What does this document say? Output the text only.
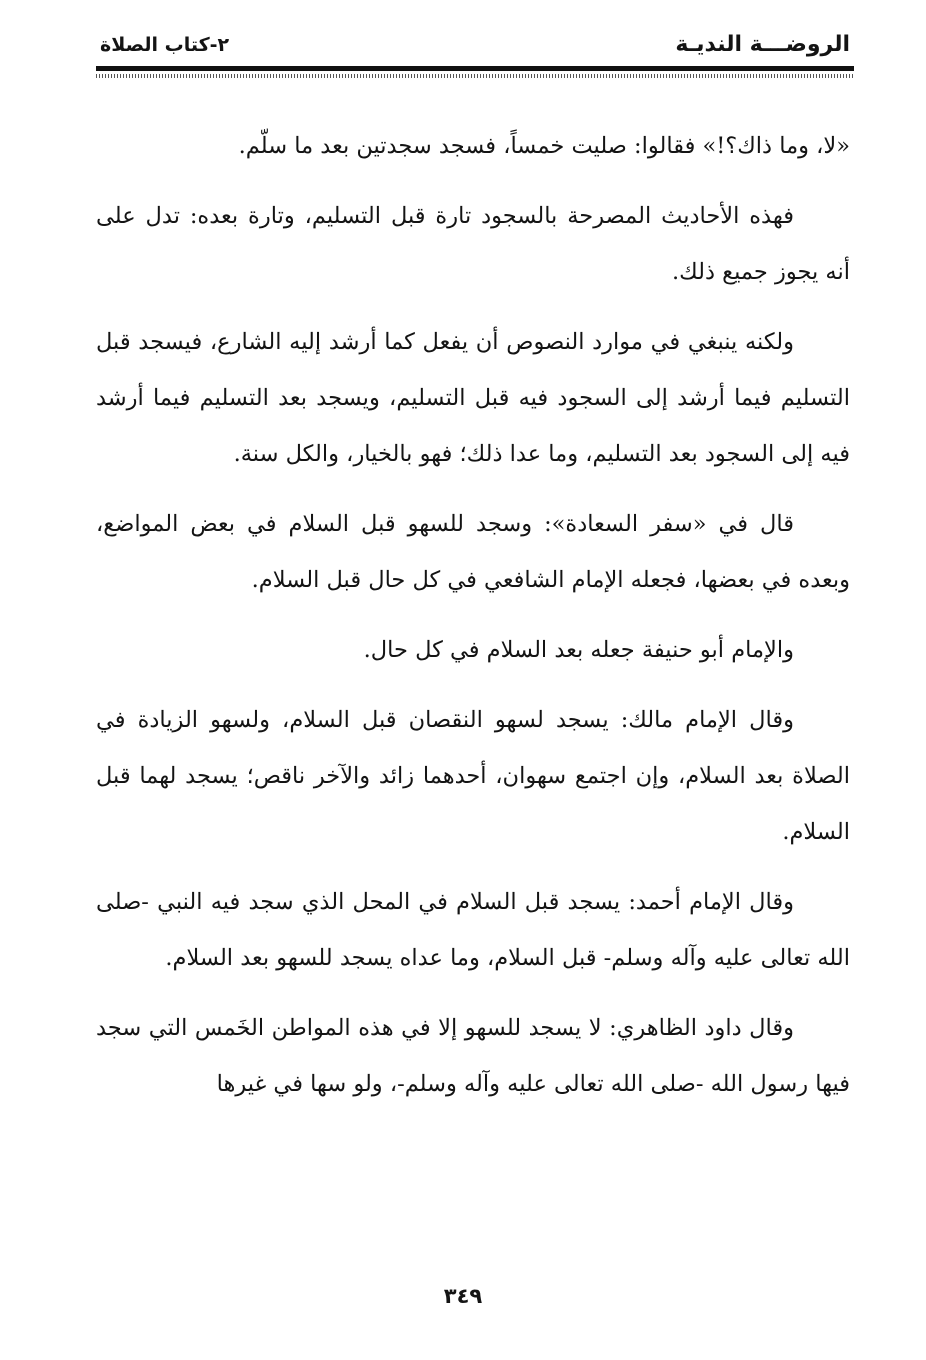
الروضـــة النديـة
٢-كتاب الصلاة

«لا، وما ذاك؟!» فقالوا: صليت خمساً، فسجد سجدتين بعد ما سلّم.

فهذه الأحاديث المصرحة بالسجود تارة قبل التسليم، وتارة بعده: تدل على أنه يجوز جميع ذلك.

ولكنه ينبغي في موارد النصوص أن يفعل كما أرشد إليه الشارع، فيسجد قبل التسليم فيما أرشد إلى السجود فيه قبل التسليم، ويسجد بعد التسليم فيما أرشد فيه إلى السجود بعد التسليم، وما عدا ذلك؛ فهو بالخيار، والكل سنة.

قال في «سفر السعادة»: وسجد للسهو قبل السلام في بعض المواضع، وبعده في بعضها، فجعله الإمام الشافعي في كل حال قبل السلام.

والإمام أبو حنيفة جعله بعد السلام في كل حال.

وقال الإمام مالك: يسجد لسهو النقصان قبل السلام، ولسهو الزيادة في الصلاة بعد السلام، وإن اجتمع سهوان، أحدهما زائد والآخر ناقص؛ يسجد لهما قبل السلام.

وقال الإمام أحمد: يسجد قبل السلام في المحل الذي سجد فيه النبي -صلى الله تعالى عليه وآله وسلم- قبل السلام، وما عداه يسجد للسهو بعد السلام.

وقال داود الظاهري: لا يسجد للسهو إلا في هذه المواطن الخَمس التي سجد فيها رسول الله -صلى الله تعالى عليه وآله وسلم-، ولو سها في غيرها

٣٤٩
